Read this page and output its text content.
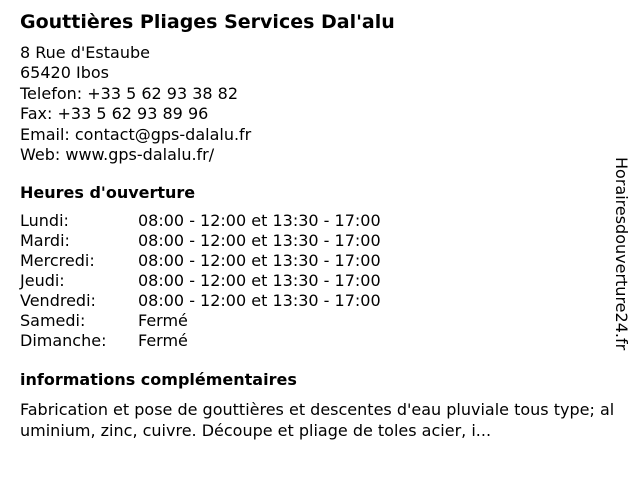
Gouttières Pliages Services Dal'alu
8 Rue d'Estaube
65420 Ibos
Telefon: +33 5 62 93 38 82
Fax: +33 5 62 93 89 96
Email: contact@gps-dalalu.fr
Web: www.gps-dalalu.fr/
Heures d'ouverture
Lundi:	08:00 - 12:00 et 13:30 - 17:00
Mardi:	08:00 - 12:00 et 13:30 - 17:00
Mercredi:	08:00 - 12:00 et 13:30 - 17:00
Jeudi:	08:00 - 12:00 et 13:30 - 17:00
Vendredi:	08:00 - 12:00 et 13:30 - 17:00
Samedi:	Fermé
Dimanche:	Fermé
informations complémentaires
Fabrication et pose de gouttières et descentes d'eau pluviale tous type; aluminium, zinc, cuivre. Découpe et pliage de toles acier, i...
Horairesdouverture24.fr
